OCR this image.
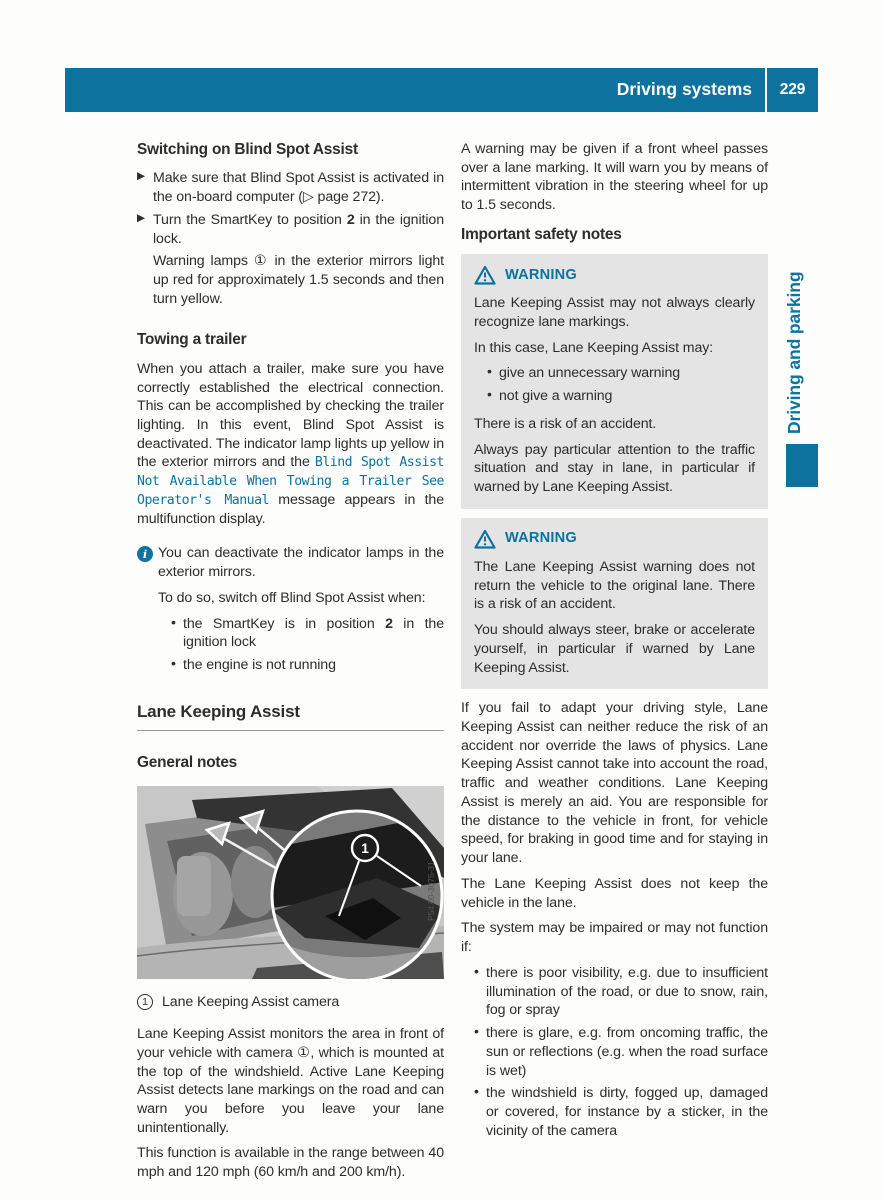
Driving systems	229
Driving and parking
Switching on Blind Spot Assist
▶ Make sure that Blind Spot Assist is activated in the on-board computer (▷ page 272).
▶ Turn the SmartKey to position 2 in the ignition lock.
Warning lamps ① in the exterior mirrors light up red for approximately 1.5 seconds and then turn yellow.
Towing a trailer

When you attach a trailer, make sure you have correctly established the electrical connection. This can be accomplished by checking the trailer lighting. In this event, Blind Spot Assist is deactivated. The indicator lamp lights up yellow in the exterior mirrors and the Blind Spot Assist Not Available When Towing a Trailer See Operator's Manual message appears in the multifunction display.

i You can deactivate the indicator lamps in the exterior mirrors.

To do so, switch off Blind Spot Assist when:

• the SmartKey is in position 2 in the ignition lock
• the engine is not running
Lane Keeping Assist
General notes
1
P54.00-3075-31
1 Lane Keeping Assist camera

Lane Keeping Assist monitors the area in front of your vehicle with camera ①, which is mounted at the top of the windshield. Active Lane Keeping Assist detects lane markings on the road and can warn you before you leave your lane unintentionally.

This function is available in the range between 40 mph and 120 mph (60 km/h and 200 km/h).

A warning may be given if a front wheel passes over a lane marking. It will warn you by means of intermittent vibration in the steering wheel for up to 1.5 seconds.

Important safety notes
WARNING

Lane Keeping Assist may not always clearly recognize lane markings.

In this case, Lane Keeping Assist may:

• give an unnecessary warning
• not give a warning

There is a risk of an accident.

Always pay particular attention to the traffic situation and stay in lane, in particular if warned by Lane Keeping Assist.

WARNING

The Lane Keeping Assist warning does not return the vehicle to the original lane. There is a risk of an accident.

You should always steer, brake or accelerate yourself, in particular if warned by Lane Keeping Assist.

If you fail to adapt your driving style, Lane Keeping Assist can neither reduce the risk of an accident nor override the laws of physics. Lane Keeping Assist cannot take into account the road, traffic and weather conditions. Lane Keeping Assist is merely an aid. You are responsible for the distance to the vehicle in front, for vehicle speed, for braking in good time and for staying in your lane.

The Lane Keeping Assist does not keep the vehicle in the lane.

The system may be impaired or may not function if:

• there is poor visibility, e.g. due to insufficient illumination of the road, or due to snow, rain, fog or spray
• there is glare, e.g. from oncoming traffic, the sun or reflections (e.g. when the road surface is wet)
• the windshield is dirty, fogged up, damaged or covered, for instance by a sticker, in the vicinity of the camera
